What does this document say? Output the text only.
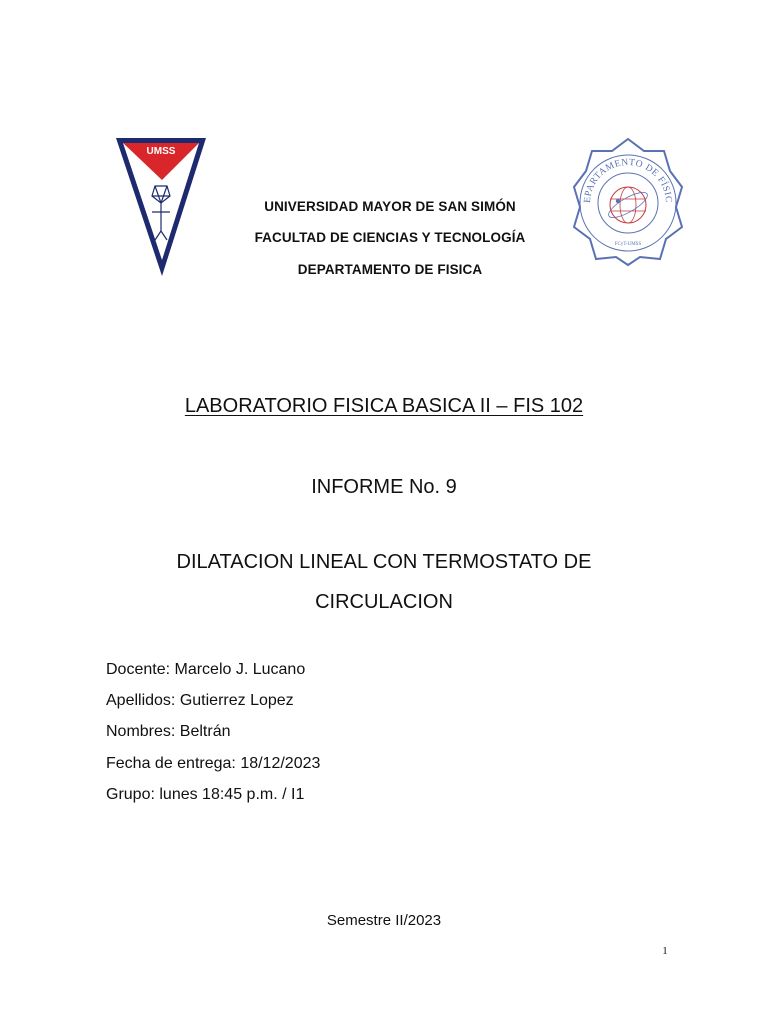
UMSS
EPARTAMENTO DE FÍSIC
FCyT-UMSS
UNIVERSIDAD MAYOR DE SAN SIMÓN
FACULTAD DE CIENCIAS Y TECNOLOGÍA
DEPARTAMENTO DE FISICA
LABORATORIO FISICA BASICA II – FIS 102
INFORME No. 9
DILATACION LINEAL CON TERMOSTATO DE
CIRCULACION
Docente: Marcelo J. Lucano
Apellidos: Gutierrez Lopez
Nombres: Beltrán
Fecha de entrega: 18/12/2023
Grupo: lunes 18:45 p.m. / I1
Semestre II/2023
1
